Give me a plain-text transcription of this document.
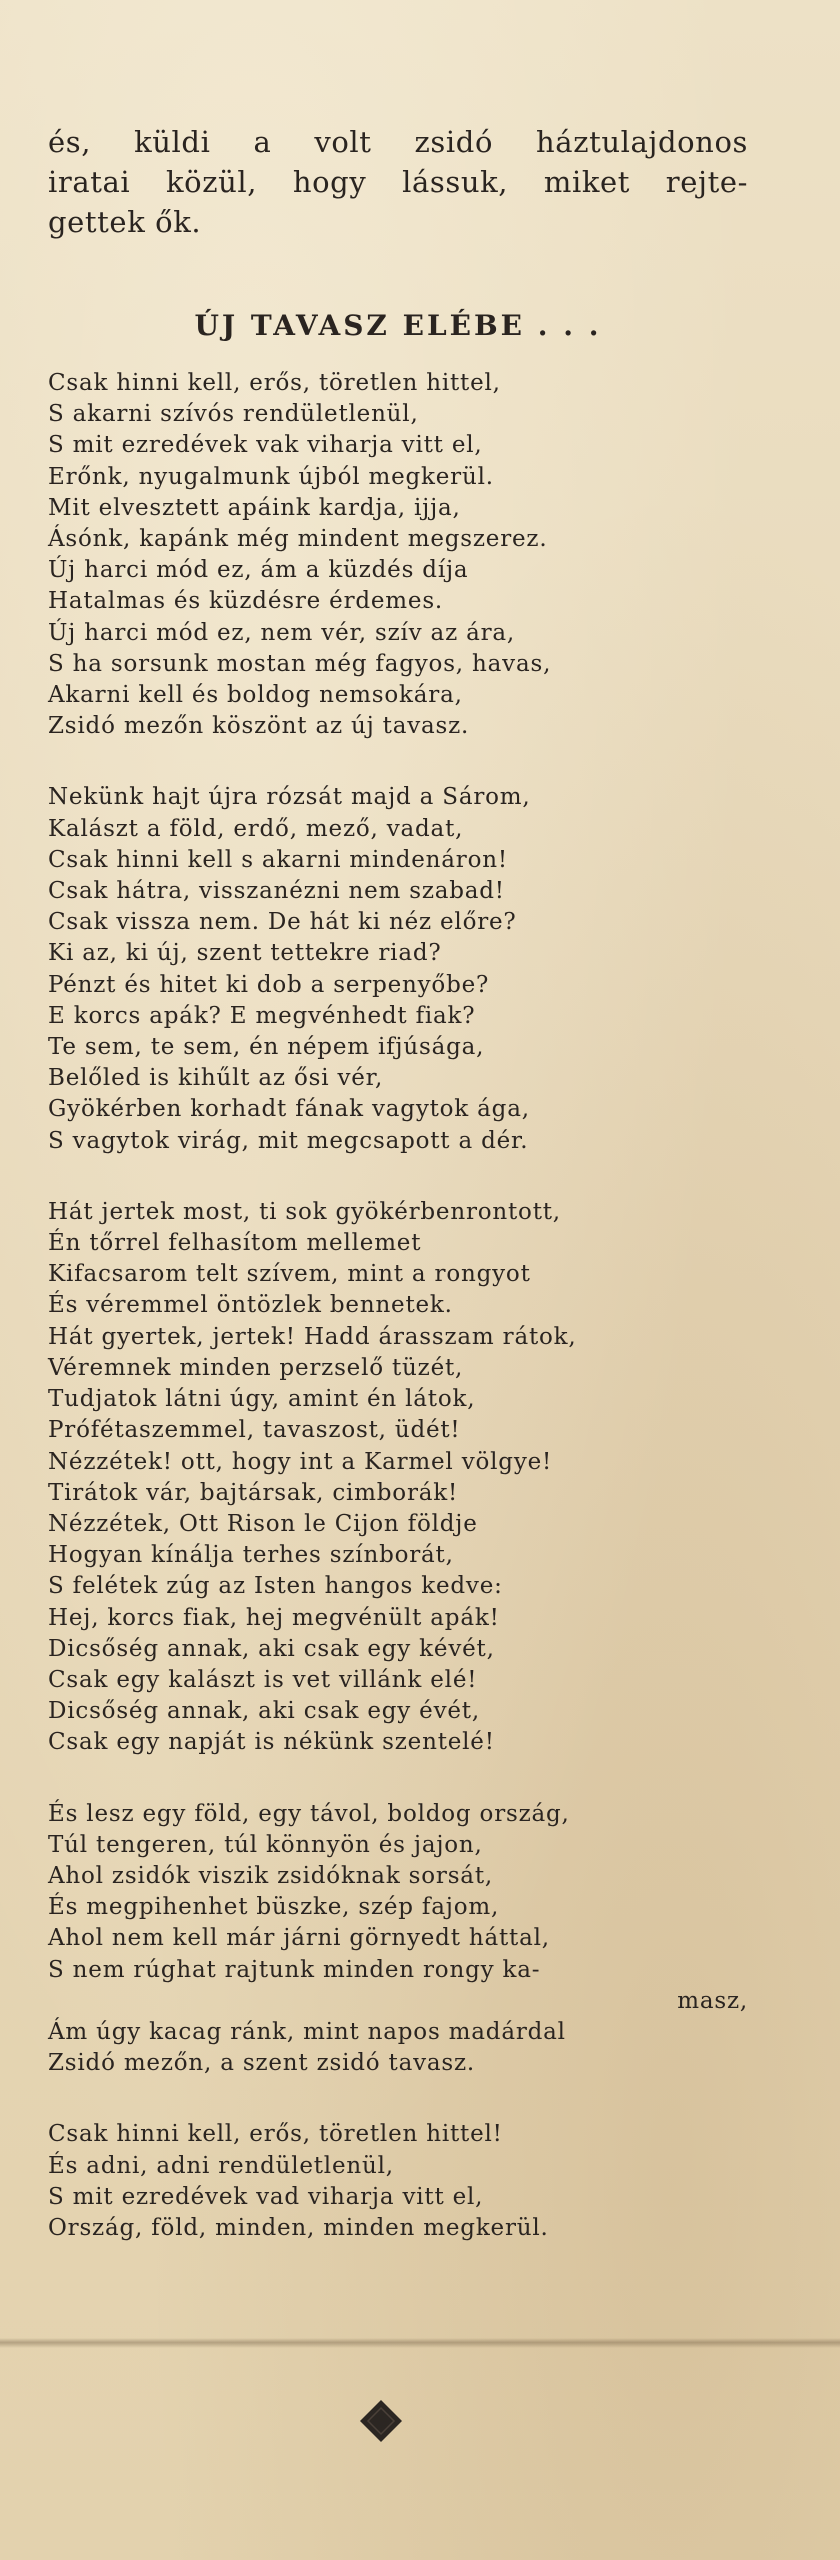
és, küldi a volt zsidó háztulajdonos

iratai közül, hogy lássuk, miket rejte-

gettek ők.

ÚJ TAVASZ ELÉBE . . .
Csak hinni kell, erős, töretlen hittel,
S akarni szívós rendületlenül,
S mit ezredévek vak viharja vitt el,
Erőnk, nyugalmunk újból megkerül.
Mit elvesztett apáink kardja, ijja,
Ásónk, kapánk még mindent megszerez.
Új harci mód ez, ám a küzdés díja
Hatalmas és küzdésre érdemes.
Új harci mód ez, nem vér, szív az ára,
S ha sorsunk mostan még fagyos, havas,
Akarni kell és boldog nemsokára,
Zsidó mezőn köszönt az új tavasz.
Nekünk hajt újra rózsát majd a Sárom,
Kalászt a föld, erdő, mező, vadat,
Csak hinni kell s akarni mindenáron!
Csak hátra, visszanézni nem szabad!
Csak vissza nem. De hát ki néz előre?
Ki az, ki új, szent tettekre riad?
Pénzt és hitet ki dob a serpenyőbe?
E korcs apák? E megvénhedt fiak?
Te sem, te sem, én népem ifjúsága,
Belőled is kihűlt az ősi vér,
Gyökérben korhadt fának vagytok ága,
S vagytok virág, mit megcsapott a dér.
Hát jertek most, ti sok gyökérbenrontott,
Én tőrrel felhasítom mellemet
Kifacsarom telt szívem, mint a rongyot
És véremmel öntözlek bennetek.
Hát gyertek, jertek! Hadd árasszam rátok,
Véremnek minden perzselő tüzét,
Tudjatok látni úgy, amint én látok,
Prófétaszemmel, tavaszost, üdét!
Nézzétek! ott, hogy int a Karmel völgye!
Tirátok vár, bajtársak, cimborák!
Nézzétek, Ott Rison le Cijon földje
Hogyan kínálja terhes színborát,
S felétek zúg az Isten hangos kedve:
Hej, korcs fiak, hej megvénült apák!
Dicsőség annak, aki csak egy kévét,
Csak egy kalászt is vet villánk elé!
Dicsőség annak, aki csak egy évét,
Csak egy napját is nékünk szentelé!
És lesz egy föld, egy távol, boldog ország,
Túl tengeren, túl könnyön és jajon,
Ahol zsidók viszik zsidóknak sorsát,
És megpihenhet büszke, szép fajom,
Ahol nem kell már járni görnyedt háttal,
S nem rúghat rajtunk minden rongy ka-
masz,
Ám úgy kacag ránk, mint napos madárdal
Zsidó mezőn, a szent zsidó tavasz.
Csak hinni kell, erős, töretlen hittel!
És adni, adni rendületlenül,
S mit ezredévek vad viharja vitt el,
Ország, föld, minden, minden megkerül.
